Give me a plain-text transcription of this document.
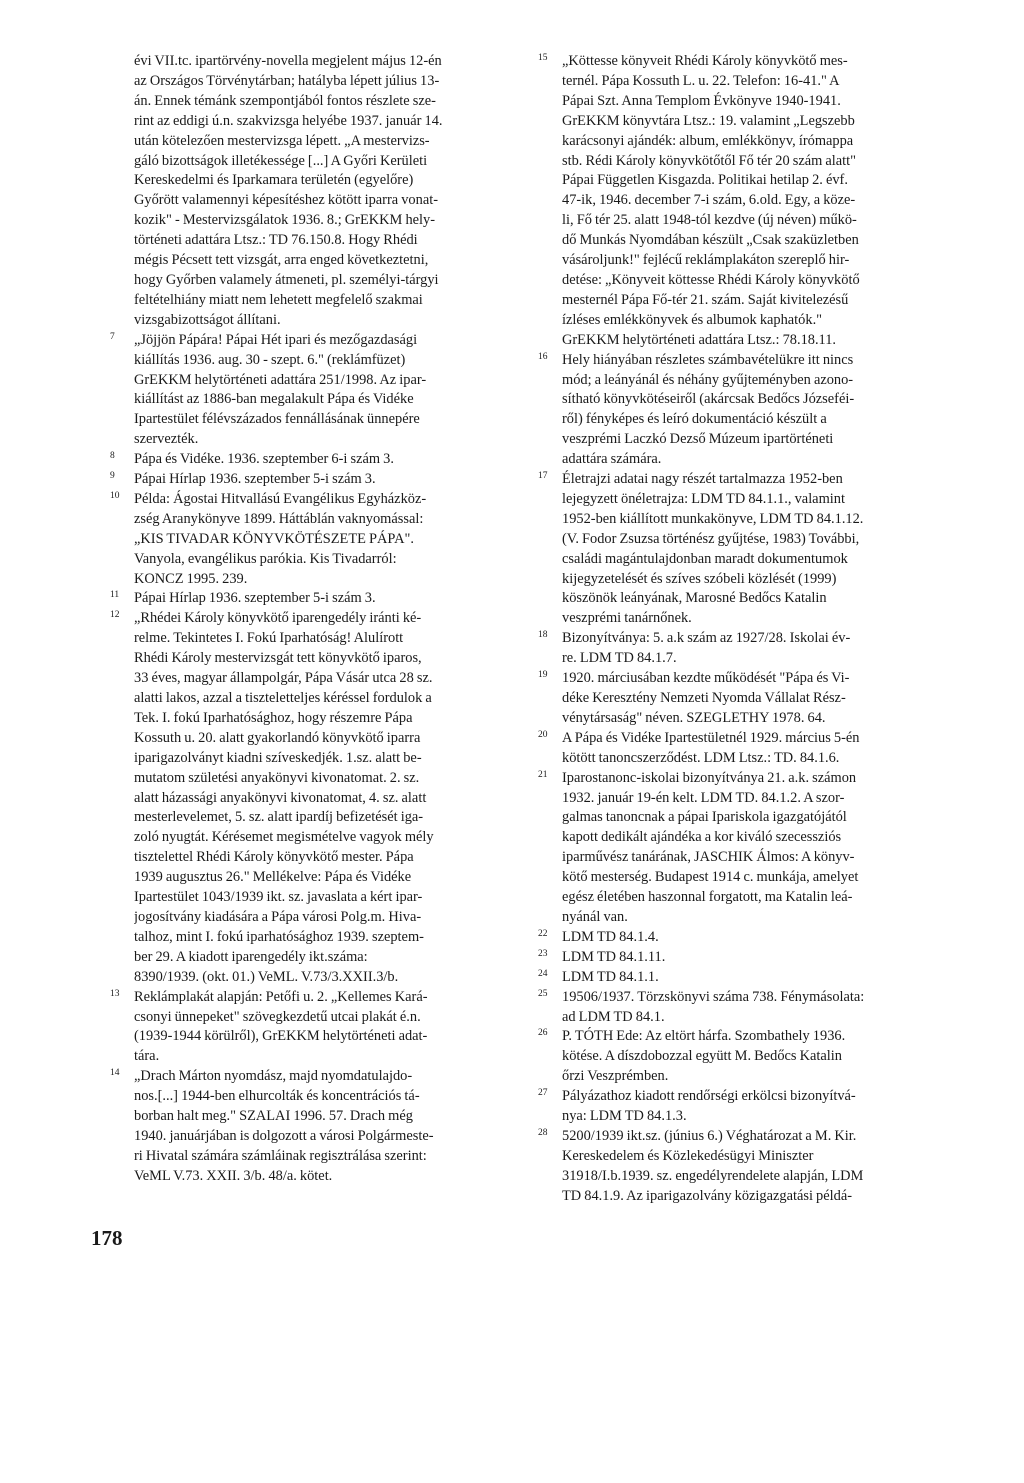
évi VII.tc. ipartörvény-novella megjelent május 12-én
az Országos Törvénytárban; hatályba lépett július 13-
án. Ennek témánk szempontjából fontos részlete sze-
rint az eddigi ú.n. szakvizsga helyébe 1937. január 14.
után kötelezően mestervizsga lépett. „A mestervizs-
gáló bizottságok illetékessége [...] A Győri Kerületi
Kereskedelmi és Iparkamara területén (egyelőre)
Győrött valamennyi képesítéshez kötött iparra vonat-
kozik" - Mestervizsgálatok 1936. 8.; GrEKKM hely-
történeti adattára Ltsz.: TD 76.150.8. Hogy Rhédi
mégis Pécsett tett vizsgát, arra enged következtetni,
hogy Győrben valamely átmeneti, pl. személyi-tárgyi
feltételhiány miatt nem lehetett megfelelő szakmai
vizsgabizottságot állítani.
7 „Jöjjön Pápára! Pápai Hét ipari és mezőgazdasági
kiállítás 1936. aug. 30 - szept. 6." (reklámfüzet)
GrEKKM helytörténeti adattára 251/1998. Az ipar-
kiállítást az 1886-ban megalakult Pápa és Vidéke
Ipartestület félévszázados fennállásának ünnepére
szervezték.
8 Pápa és Vidéke. 1936. szeptember 6-i szám 3.
9 Pápai Hírlap 1936. szeptember 5-i szám 3.
10 Példa: Ágostai Hitvallású Evangélikus Egyházköz-
zség Aranykönyve 1899. Háttáblán vaknyomással:
„KIS TIVADAR KÖNYVKÖTÉSZETE PÁPA".
Vanyola, evangélikus parókia. Kis Tivadarról:
KONCZ 1995. 239.
11 Pápai Hírlap 1936. szeptember 5-i szám 3.
12 „Rhédei Károly könyvkötő iparengedély iránti ké-
relme. Tekintetes I. Fokú Iparhatóság! Alulírott
Rhédi Károly mestervizsgát tett könyvkötő iparos,
33 éves, magyar állampolgár, Pápa Vásár utca 28 sz.
alatti lakos, azzal a tiszteletteljes kéréssel fordulok a
Tek. I. fokú Iparhatósághoz, hogy részemre Pápa
Kossuth u. 20. alatt gyakorlandó könyvkötő iparra
iparigazolványt kiadni szíveskedjék. 1.sz. alatt be-
mutatom születési anyakönyvi kivonatomat. 2. sz.
alatt házassági anyakönyvi kivonatomat, 4. sz. alatt
mesterlevelemet, 5. sz. alatt ipardíj befizetését iga-
zoló nyugtát. Kérésemet megismételve vagyok mély
tisztelettel Rhédi Károly könyvkötő mester. Pápa
1939 augusztus 26." Mellékelve: Pápa és Vidéke
Ipartestület 1043/1939 ikt. sz. javaslata a kért ipar-
jogosítvány kiadására a Pápa városi Polg.m. Hiva-
talhoz, mint I. fokú iparhatósághoz 1939. szeptem-
ber 29. A kiadott iparengedély ikt.száma:
8390/1939. (okt. 01.) VeML. V.73/3.XXII.3/b.
13 Reklámplakát alapján: Petőfi u. 2. „Kellemes Kará-
csonyi ünnepeket" szövegkezdetű utcai plakát é.n.
(1939-1944 körülről), GrEKKM helytörténeti adat-
tára.
14 „Drach Márton nyomdász, majd nyomdatulajdo-
nos.[...] 1944-ben elhurcolták és koncentrációs tá-
borban halt meg." SZALAI 1996. 57. Drach még
1940. januárjában is dolgozott a városi Polgármeste-
ri Hivatal számára számláinak regisztrálása szerint:
VeML V.73. XXII. 3/b. 48/a. kötet.
15 „Köttesse könyveit Rhédi Károly könyvkötő mes-
ternél. Pápa Kossuth L. u. 22. Telefon: 16-41." A
Pápai Szt. Anna Templom Évkönyve 1940-1941.
GrEKKM könyvtára Ltsz.: 19. valamint „Legszebb
karácsonyi ajándék: album, emlékkönyv, írómappa
stb. Rédi Károly könyvkötőtől Fő tér 20 szám alatt"
Pápai Független Kisgazda. Politikai hetilap 2. évf.
47-ik, 1946. december 7-i szám, 6.old. Egy, a köze-
li, Fő tér 25. alatt 1948-tól kezdve (új néven) műkö-
dő Munkás Nyomdában készült „Csak szaküzletben
vásároljunk!" fejlécű reklámplakáton szereplő hir-
detése: „Könyveit köttesse Rhédi Károly könyvkötő
mesternél Pápa Fő-tér 21. szám. Saját kivitelezésű
ízléses emlékkönyvek és albumok kaphatók."
GrEKKM helytörténeti adattára Ltsz.: 78.18.11.
16 Hely hiányában részletes számbavételükre itt nincs
mód; a leányánál és néhány gyűjteményben azono-
sítható könyvkötéseiről (akárcsak Bedőcs Józseféi-
ről) fényképes és leíró dokumentáció készült a
veszprémi Laczkó Dezső Múzeum ipartörténeti
adattára számára.
17 Életrajzi adatai nagy részét tartalmazza 1952-ben
lejegyzett önéletrajza: LDM TD 84.1.1., valamint
1952-ben kiállított munkakönyve, LDM TD 84.1.12.
(V. Fodor Zsuzsa történész gyűjtése, 1983) További,
családi magántulajdonban maradt dokumentumok
kijegyzetelését és szíves szóbeli közlését (1999)
köszönök leányának, Marosné Bedőcs Katalin
veszprémi tanárnőnek.
18 Bizonyítványa: 5. a.k szám az 1927/28. Iskolai év-
re. LDM TD 84.1.7.
19 1920. márciusában kezdte működését "Pápa és Vi-
déke Keresztény Nemzeti Nyomda Vállalat Rész-
vénytársaság" néven. SZEGLETHY 1978. 64.
20 A Pápa és Vidéke Ipartestületnél 1929. március 5-én
kötött tanoncszerződést. LDM Ltsz.: TD. 84.1.6.
21 Iparostanonc-iskolai bizonyítványa 21. a.k. számon
1932. január 19-én kelt. LDM TD. 84.1.2. A szor-
galmas tanoncnak a pápai Ipariskola igazgatójától
kapott dedikált ajándéka a kor kiváló szecessziós
iparművész tanárának, JASCHIK Álmos: A könyv-
kötő mesterség. Budapest 1914 c. munkája, amelyet
egész életében haszonnal forgatott, ma Katalin leá-
nyánál van.
22 LDM TD 84.1.4.
23 LDM TD 84.1.11.
24 LDM TD 84.1.1.
25 19506/1937. Törzskönyvi száma 738. Fénymásolata:
ad LDM TD 84.1.
26 P. TÓTH Ede: Az eltört hárfa. Szombathely 1936.
kötése. A díszdobozzal együtt M. Bedőcs Katalin
őrzi Veszprémben.
27 Pályázathoz kiadott rendőrségi erkölcsi bizonyítvá-
nya: LDM TD 84.1.3.
28 5200/1939 ikt.sz. (június 6.) Véghatározat a M. Kir.
Kereskedelem és Közlekedésügyi Miniszter
31918/I.b.1939. sz. engedélyrendelete alapján, LDM
TD 84.1.9. Az iparigazolvány közigazgatási példá-
178
